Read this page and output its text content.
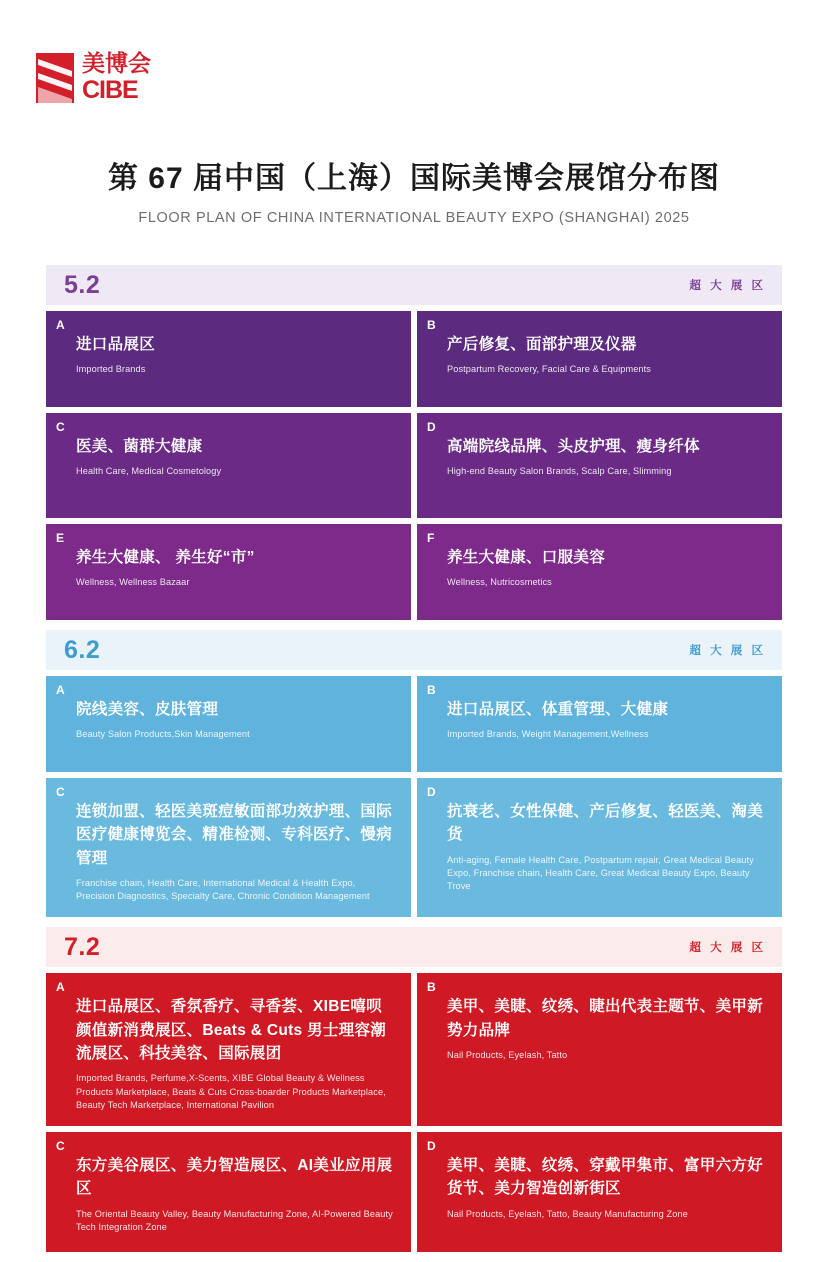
美博会
CIBE
第 67 届中国（上海）国际美博会展馆分布图
FLOOR PLAN OF CHINA INTERNATIONAL BEAUTY EXPO (SHANGHAI) 2025
5.2	超 大 展 区
A
进口品展区
Imported Brands
B
产后修复、面部护理及仪器
Postpartum Recovery, Facial Care & Equipments
C
医美、菌群大健康
Health Care, Medical Cosmetology
D
高端院线品牌、头皮护理、瘦身纤体
High-end Beauty Salon Brands, Scalp Care, Slimming
E
养生大健康、 养生好“市”
Wellness, Wellness Bazaar
F
养生大健康、口服美容
Wellness, Nutricosmetics
6.2	超 大 展 区
A
院线美容、皮肤管理
Beauty Salon Products,Skin Management
B
进口品展区、体重管理、大健康
Imported Brands, Weight Management,Wellness
C
连锁加盟、轻医美斑痘敏面部功效护理、国际医疗健康博览会、精准检测、专科医疗、慢病管理
Franchise chain, Health Care, International Medical & Health Expo, Precision Diagnostics, Specialty Care, Chronic Condition Management
D
抗衰老、女性保健、产后修复、轻医美、淘美货
Anti-aging, Female Health Care, Postpartum repair, Great Medical Beauty Expo, Franchise chain, Health Care, Great Medical Beauty Expo, Beauty Trove
7.2	超 大 展 区
A
进口品展区、香氛香疗、寻香荟、XIBE嘻呗颜值新消费展区、Beats & Cuts 男士理容潮流展区、科技美容、国际展团
Imported Brands, Perfume,X-Scents, XIBE Global Beauty & Wellness Products Marketplace, Beats & Cuts Cross-boarder Products Marketplace, Beauty Tech Marketplace, International Pavilion
B
美甲、美睫、纹绣、睫出代表主题节、美甲新势力品牌
Nail Products, Eyelash, Tatto
C
东方美谷展区、美力智造展区、AI美业应用展区
The Oriental Beauty Valley, Beauty Manufacturing Zone, AI-Powered Beauty Tech Integration Zone
D
美甲、美睫、纹绣、穿戴甲集市、富甲六方好货节、美力智造创新街区
Nail Products, Eyelash, Tatto, Beauty Manufacturing Zone
